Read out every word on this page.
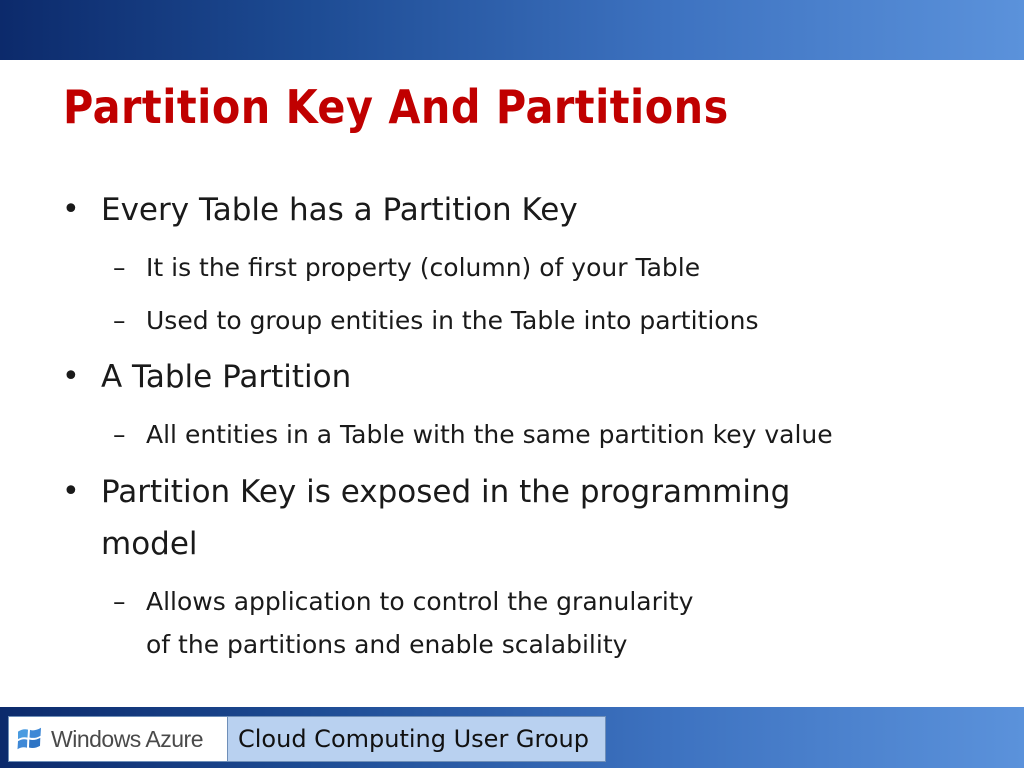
Partition Key And Partitions
• Every Table has a Partition Key
– It is the first property (column) of your Table
– Used to group entities in the Table into partitions
• A Table Partition
– All entities in a Table with the same partition key value
• Partition Key is exposed in the programming
model
– Allows application to control the granularity
of the partitions and enable scalability
Windows Azure Cloud Computing User Group
